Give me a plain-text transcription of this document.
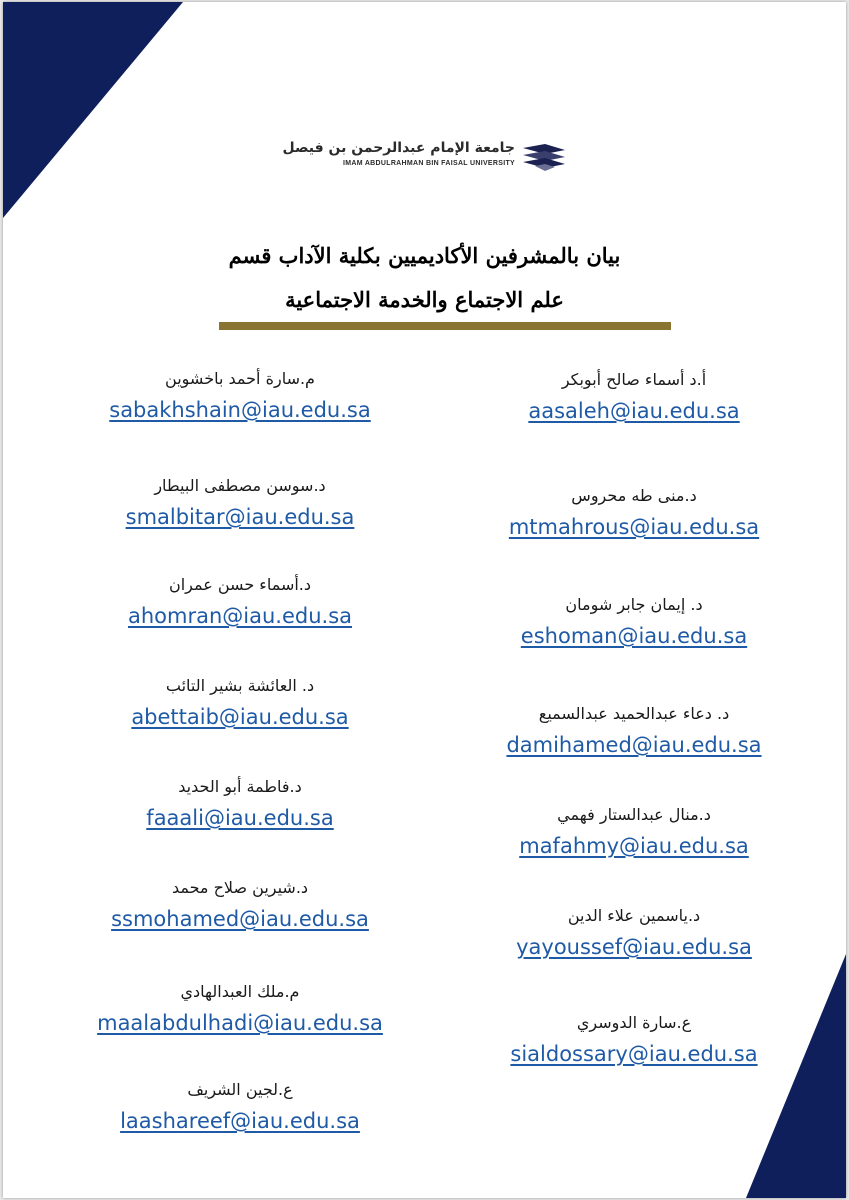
جامعة الإمام عبدالرحمن بن فيصل
IMAM ABDULRAHMAN BIN FAISAL UNIVERSITY
بيان بالمشرفين الأكاديميين بكلية الآداب قسم
علم الاجتماع والخدمة الاجتماعية
أ.د أسماء صالح أبوبكر
aasaleh@iau.edu.sa
د.منى طه محروس
mtmahrous@iau.edu.sa
د. إيمان جابر شومان
eshoman@iau.edu.sa
د. دعاء عبدالحميد عبدالسميع
damihamed@iau.edu.sa
د.منال عبدالستار فهمي
mafahmy@iau.edu.sa
د.ياسمين علاء الدين
yayoussef@iau.edu.sa
ع.سارة الدوسري
sialdossary@iau.edu.sa
م.سارة أحمد باخشوين
sabakhshain@iau.edu.sa
د.سوسن مصطفى البيطار
smalbitar@iau.edu.sa
د.أسماء حسن عمران
ahomran@iau.edu.sa
د. العائشة بشير التائب
abettaib@iau.edu.sa
د.فاطمة أبو الحديد
faaali@iau.edu.sa
د.شيرين صلاح محمد
ssmohamed@iau.edu.sa
م.ملك العبدالهادي
maalabdulhadi@iau.edu.sa
ع.لجين الشريف
laashareef@iau.edu.sa
